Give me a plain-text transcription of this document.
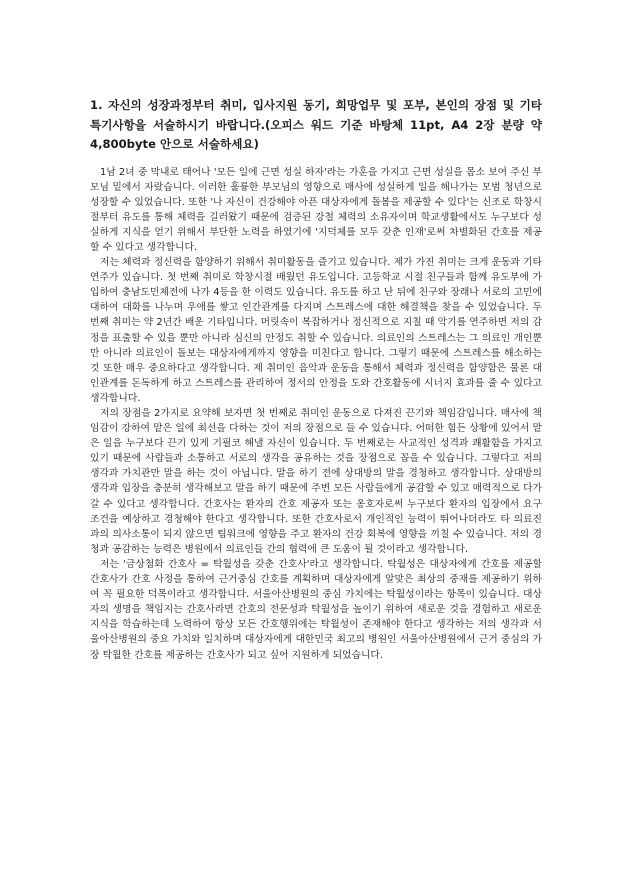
1. 자신의 성장과정부터 취미, 입사지원 동기, 희망업무 및 포부, 본인의 장점 및 기타 특기사항을 서술하시기 바랍니다.(오피스 워드 기준 바탕체 11pt, A4 2장 분량 약 4,800byte 안으로 서술하세요)

1남 2녀 중 막내로 태어나 '모든 일에 근면 성실 하자'라는 가훈을 가지고 근면 성실을 몸소 보여 주신 부모님 밑에서 자랐습니다. 이러한 훌륭한 부모님의 영향으로 매사에 성실하게 일을 해나가는 모범 청년으로 성장할 수 있었습니다. 또한 '나 자신이 건강해야 아픈 대상자에게 돌봄을 제공할 수 있다'는 신조로 학창시절부터 유도를 통해 체력을 길러왔기 때문에 검증된 강철 체력의 소유자이며 학교생활에서도 누구보다 성실하게 지식을 얻기 위해서 부단한 노력을 하였기에 '지덕체를 모두 갖춘 인재'로써 차별화된 간호를 제공할 수 있다고 생각합니다.

저는 체력과 정신력을 함양하기 위해서 취미활동을 즐기고 있습니다. 제가 가진 취미는 크게 운동과 기타 연주가 있습니다. 첫 번째 취미로 학창시절 배웠던 유도입니다. 고등학교 시절 친구들과 함께 유도부에 가입하여 충남도민체전에 나가 4등을 한 이력도 있습니다. 유도를 하고 난 뒤에 친구와 장래나 서로의 고민에 대하여 대화를 나누며 우애를 쌓고 인간관계를 다지며 스트레스에 대한 해결책을 찾을 수 있었습니다. 두 번째 취미는 약 2년간 배운 기타입니다. 머릿속이 복잡하거나 정신적으로 지칠 때 악기를 연주하면 저의 감정을 표출할 수 있을 뿐만 아니라 심신의 안정도 취할 수 있습니다. 의료인의 스트레스는 그 의료인 개인뿐만 아니라 의료인이 돌보는 대상자에게까지 영향을 미친다고 합니다. 그렇기 때문에 스트레스를 해소하는 것 또한 매우 중요하다고 생각합니다. 제 취미인 음악과 운동을 통해서 체력과 정신력을 함양함은 물론 대인관계를 돈독하게 하고 스트레스를 관리하여 정서의 안정을 도와 간호활동에 시너지 효과를 줄 수 있다고 생각합니다.

저의 장점을 2가지로 요약해 보자면 첫 번째로 취미인 운동으로 다져진 끈기와 책임감입니다. 매사에 책임감이 강하여 맡은 일에 최선을 다하는 것이 저의 장점으로 들 수 있습니다. 어떠한 힘든 상황에 있어서 맡은 일을 누구보다 끈기 있게 기필코 해낼 자신이 있습니다. 두 번째로는 사교적인 성격과 쾌활함을 가지고 있기 때문에 사람들과 소통하고 서로의 생각을 공유하는 것을 장점으로 꼽을 수 있습니다. 그렇다고 저의 생각과 가치관만 말을 하는 것이 아닙니다. 말을 하기 전에 상대방의 말을 경청하고 생각합니다. 상대방의 생각과 입장을 충분히 생각해보고 말을 하기 때문에 주변 모든 사람들에게 공감할 수 있고 매력적으로 다가갈 수 있다고 생각합니다. 간호사는 환자의 간호 제공자 또는 옹호자로써 누구보다 환자의 입장에서 요구 조건을 예상하고 경청해야 한다고 생각합니다. 또한 간호사로서 개인적인 능력이 뛰어나더라도 타 의료진과의 의사소통이 되지 않으면 팀워크에 영향을 주고 환자의 건강 회복에 영향을 끼칠 수 있습니다. 저의 경청과 공감하는 능력은 병원에서 의료인들 간의 협력에 큰 도움이 될 것이라고 생각합니다.

저는 '금상첨화 간호사 = 탁월성을 갖춘 간호사'라고 생각합니다. 탁월성은 대상자에게 간호를 제공할 간호사가 간호 사정을 통하여 근거중심 간호를 계획하며 대상자에게 알맞은 최상의 중재를 제공하기 위하여 꼭 필요한 덕목이라고 생각합니다. 서울아산병원의 중심 가치에는 탁월성이라는 항목이 있습니다. 대상자의 생명을 책임지는 간호사라면 간호의 전문성과 탁월성을 높이기 위하여 새로운 것을 경험하고 새로운 지식을 학습하는데 노력하여 항상 모든 간호행위에는 탁월성이 존재해야 한다고 생각하는 저의 생각과 서울아산병원의 중요 가치와 일치하며 대상자에게 대한민국 최고의 병원인 서울아산병원에서 근거 중심의 가장 탁월한 간호를 제공하는 간호사가 되고 싶어 지원하게 되었습니다.
